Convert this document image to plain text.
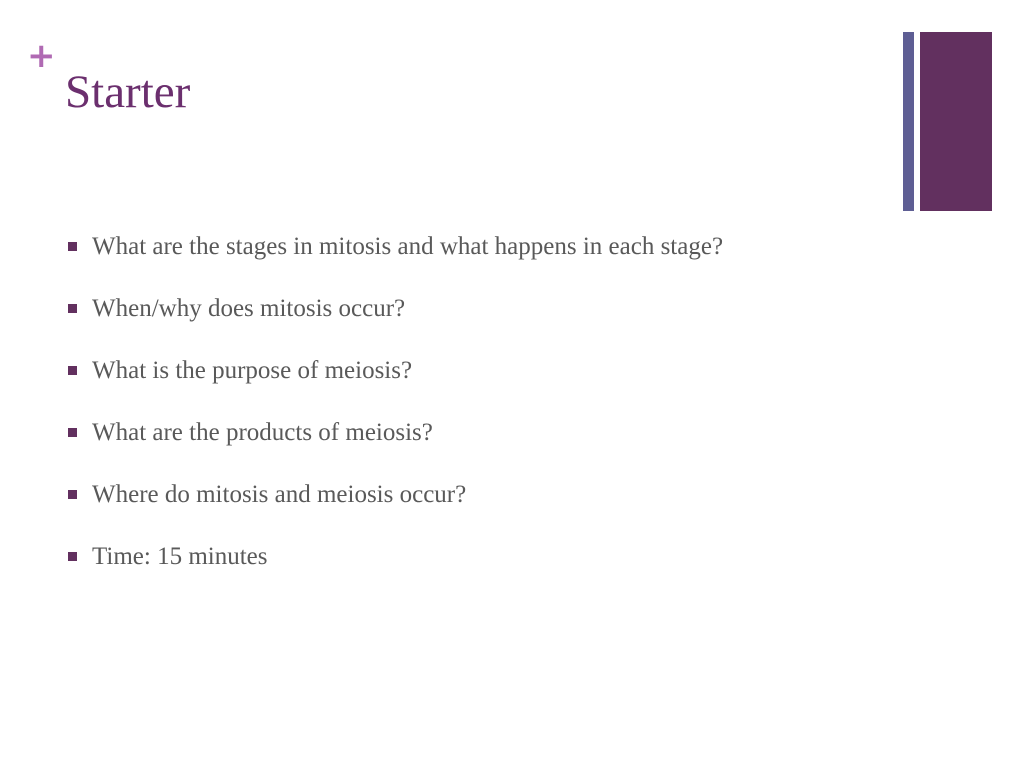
+
Starter
What are the stages in mitosis and what happens in each stage?
When/why does mitosis occur?
What is the purpose of meiosis?
What are the products of meiosis?
Where do mitosis and meiosis occur?
Time: 15 minutes
